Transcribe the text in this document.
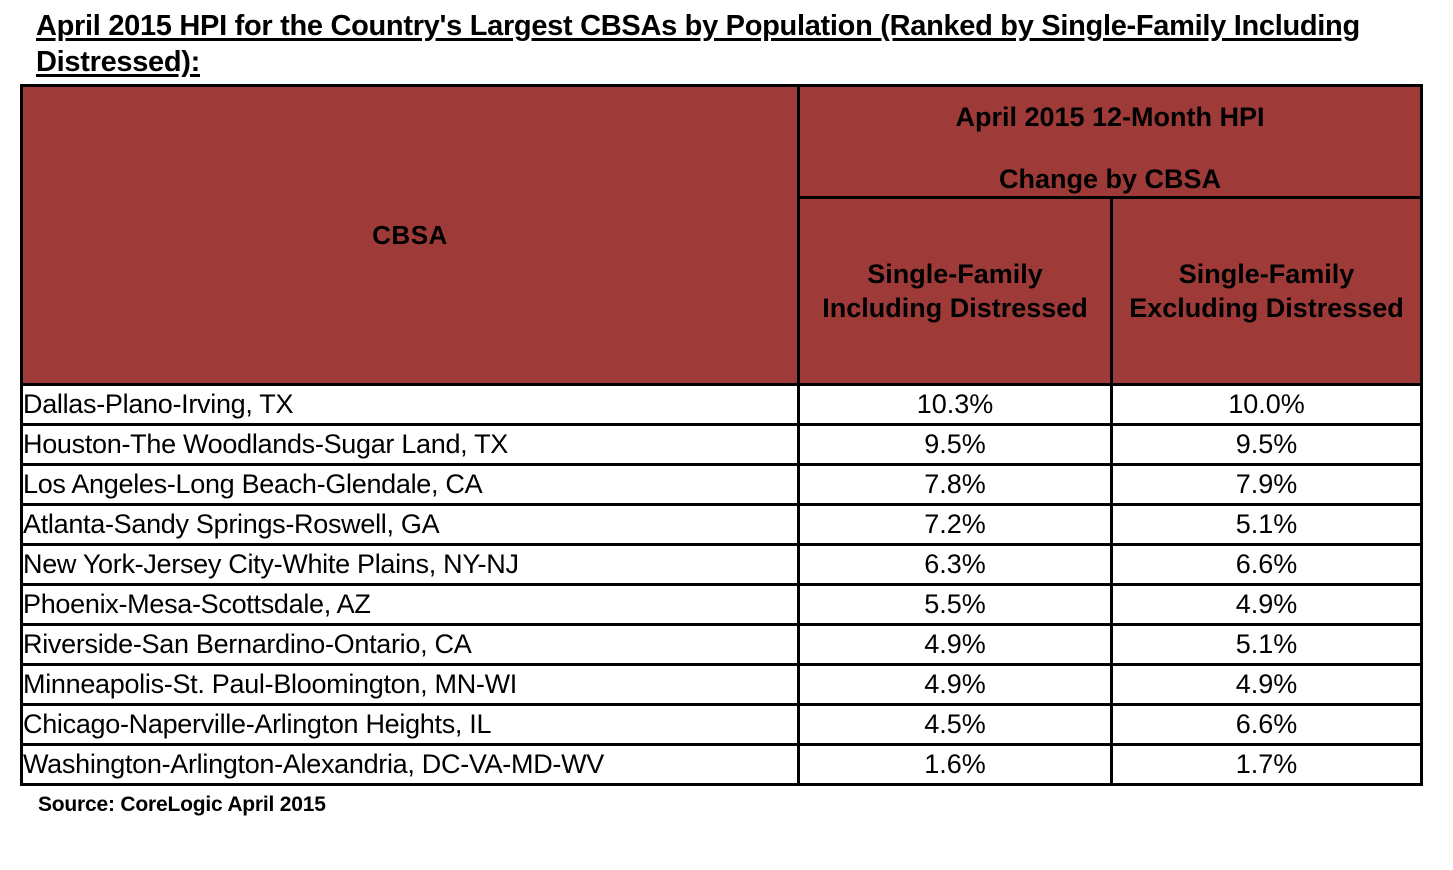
April 2015 HPI for the Country's Largest CBSAs by Population (Ranked by Single-Family Including
Distressed):
CBSA	April 2015 12-Month HPI
Change by CBSA	

Single-Family
Including Distressed

Single-Family
Excluding Distressed

Dallas-Plano-Irving, TX	10.3%	10.0%
Houston-The Woodlands-Sugar Land, TX	9.5%	9.5%
Los Angeles-Long Beach-Glendale, CA	7.8%	7.9%
Atlanta-Sandy Springs-Roswell, GA	7.2%	5.1%
New York-Jersey City-White Plains, NY-NJ	6.3%	6.6%
Phoenix-Mesa-Scottsdale, AZ	5.5%	4.9%
Riverside-San Bernardino-Ontario, CA	4.9%	5.1%
Minneapolis-St. Paul-Bloomington, MN-WI	4.9%	4.9%
Chicago-Naperville-Arlington Heights, IL	4.5%	6.6%
Washington-Arlington-Alexandria, DC-VA-MD-WV	1.6%	1.7%
Source: CoreLogic April 2015
